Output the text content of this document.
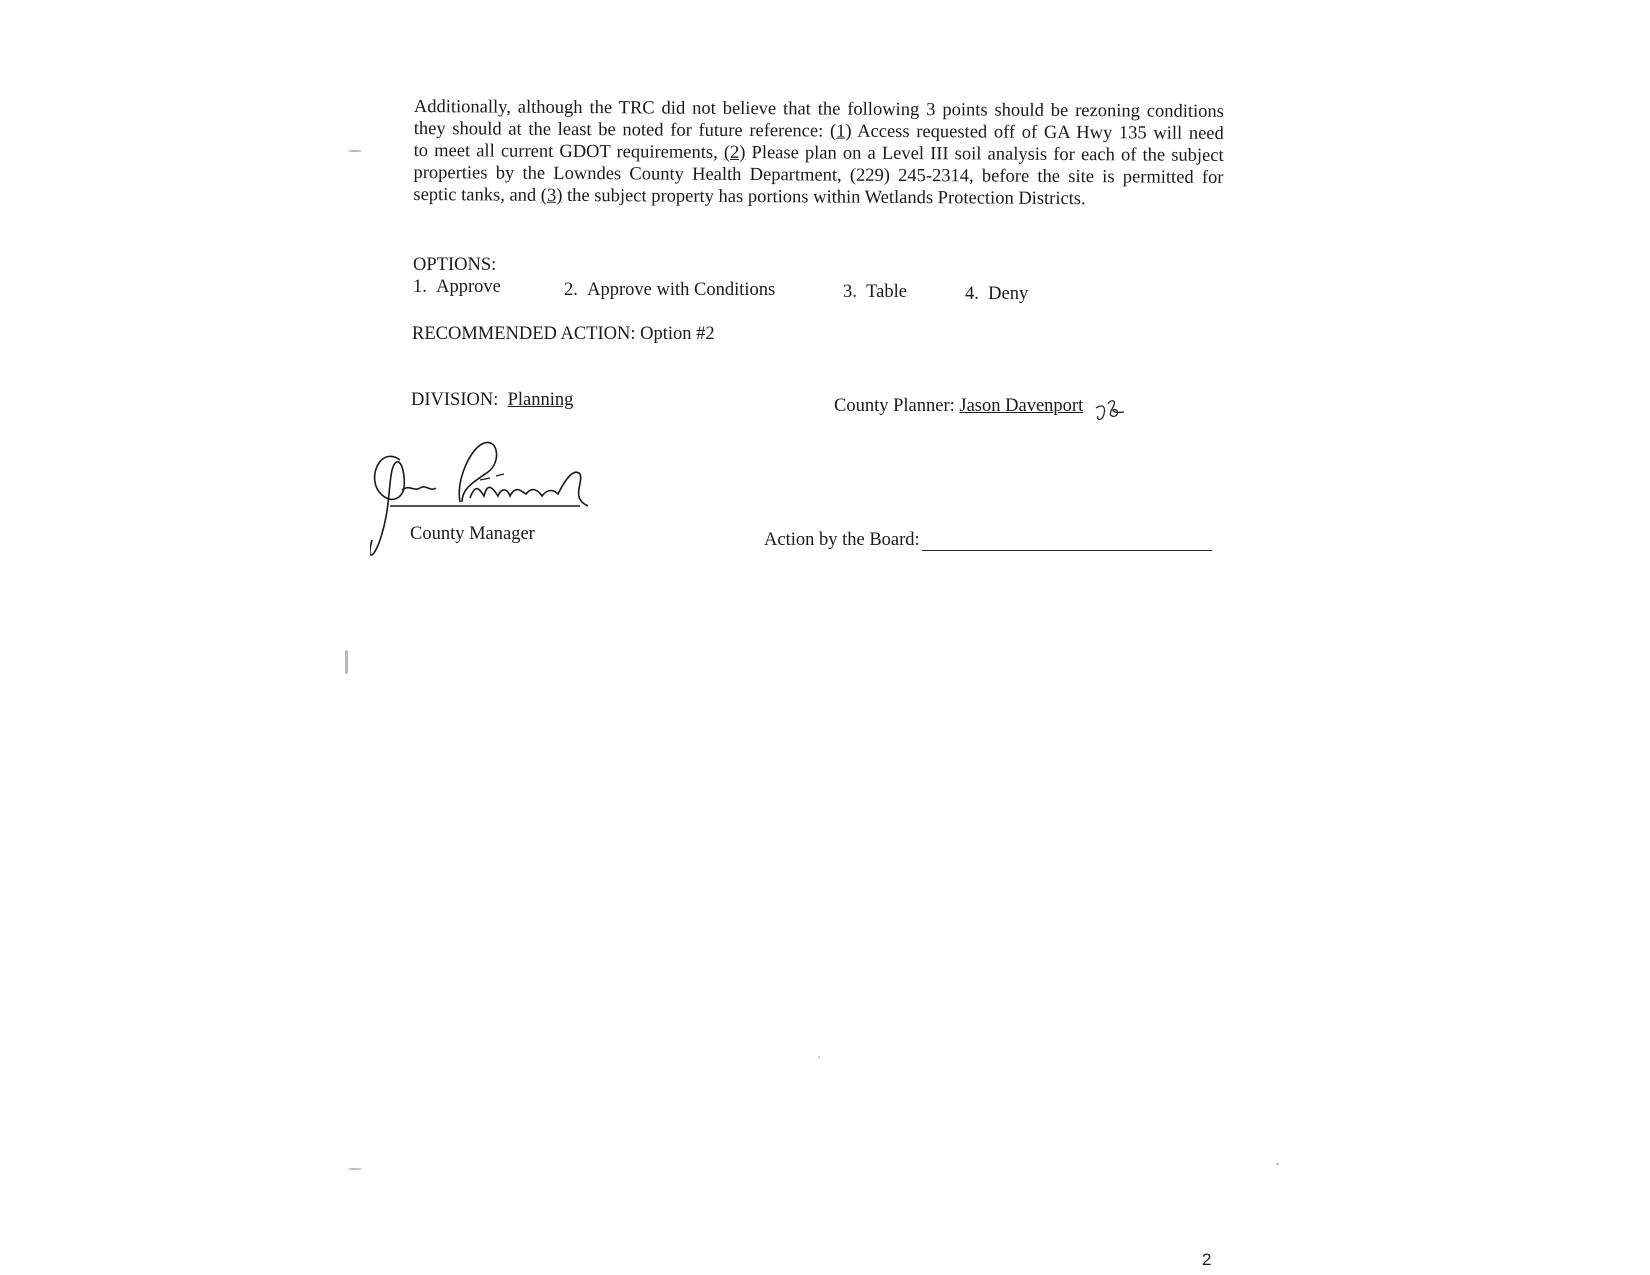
Additionally, although the TRC did not believe that the following 3 points should be rezoning conditions
they should at the least be noted for future reference: (1) Access requested off of GA Hwy 135 will need
to meet all current GDOT requirements, (2) Please plan on a Level III soil analysis for each of the subject
properties by the Lowndes County Health Department, (229) 245-2314, before the site is permitted for
septic tanks, and (3) the subject property has portions within Wetlands Protection Districts.
OPTIONS:
1. Approve	2. Approve with Conditions	3. Table	4. Deny
RECOMMENDED ACTION: Option #2
DIVISION: Planning	County Planner: Jason Davenport
County Manager	Action by the Board:
2
